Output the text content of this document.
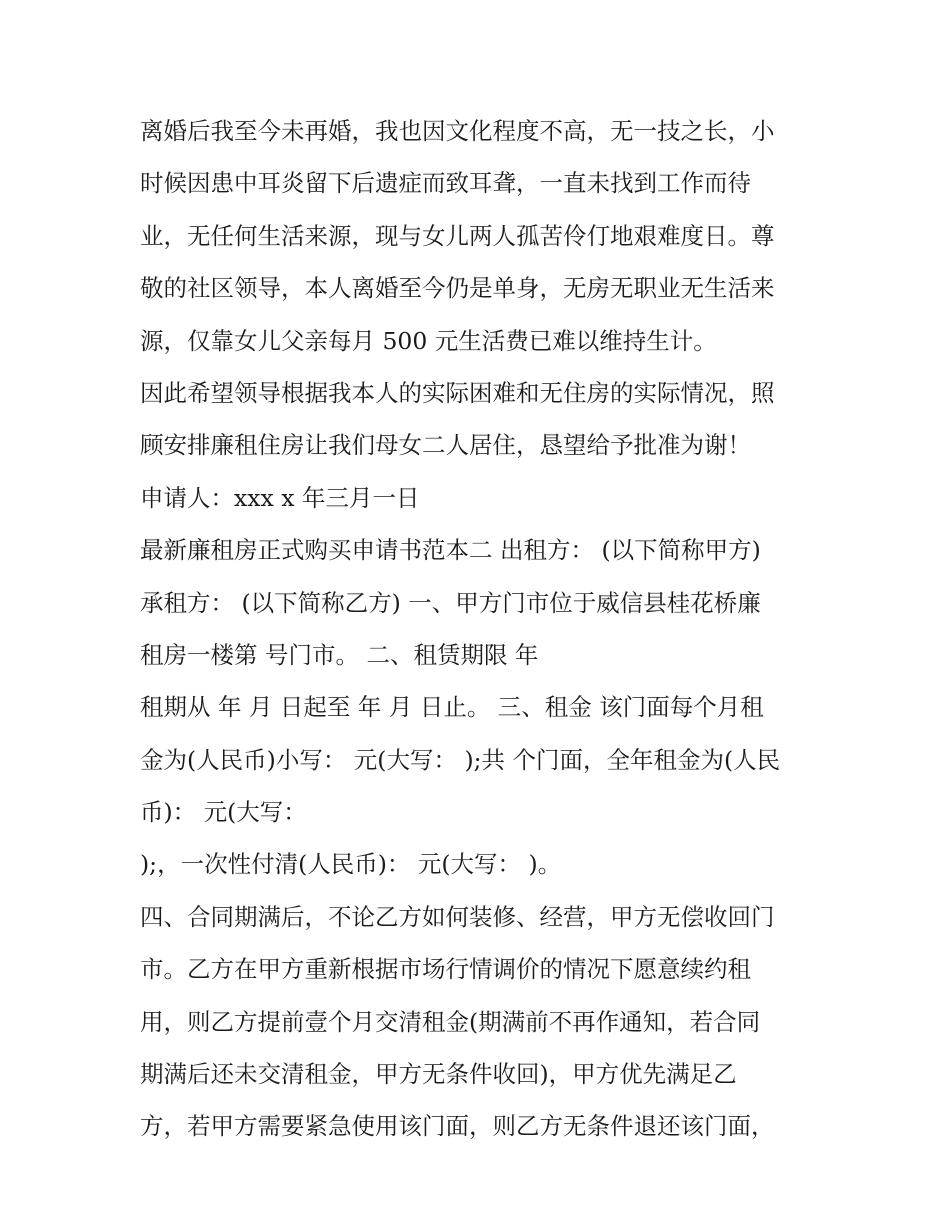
离婚后我至今未再婚，我也因文化程度不高，无一技之长，小
时候因患中耳炎留下后遗症而致耳聋，一直未找到工作而待
业，无任何生活来源，现与女儿两人孤苦伶仃地艰难度日。尊
敬的社区领导，本人离婚至今仍是单身，无房无职业无生活来
源，仅靠女儿父亲每月 500 元生活费已难以维持生计。
因此希望领导根据我本人的实际困难和无住房的实际情况，照
顾安排廉租住房让我们母女二人居住，恳望给予批准为谢！
申请人：xxx x 年三月一日
最新廉租房正式购买申请书范本二 出租方： (以下简称甲方)
承租方： (以下简称乙方) 一、甲方门市位于威信县桂花桥廉
租房一楼第 号门市。 二、租赁期限 年
租期从 年 月 日起至 年 月 日止。 三、租金 该门面每个月租
金为(人民币)小写： 元(大写： );共 个门面，全年租金为(人民
币)： 元(大写：
);，一次性付清(人民币)： 元(大写： )。
四、合同期满后，不论乙方如何装修、经营，甲方无偿收回门
市。乙方在甲方重新根据市场行情调价的情况下愿意续约租
用，则乙方提前壹个月交清租金(期满前不再作通知，若合同
期满后还未交清租金，甲方无条件收回)，甲方优先满足乙
方，若甲方需要紧急使用该门面，则乙方无条件退还该门面，
